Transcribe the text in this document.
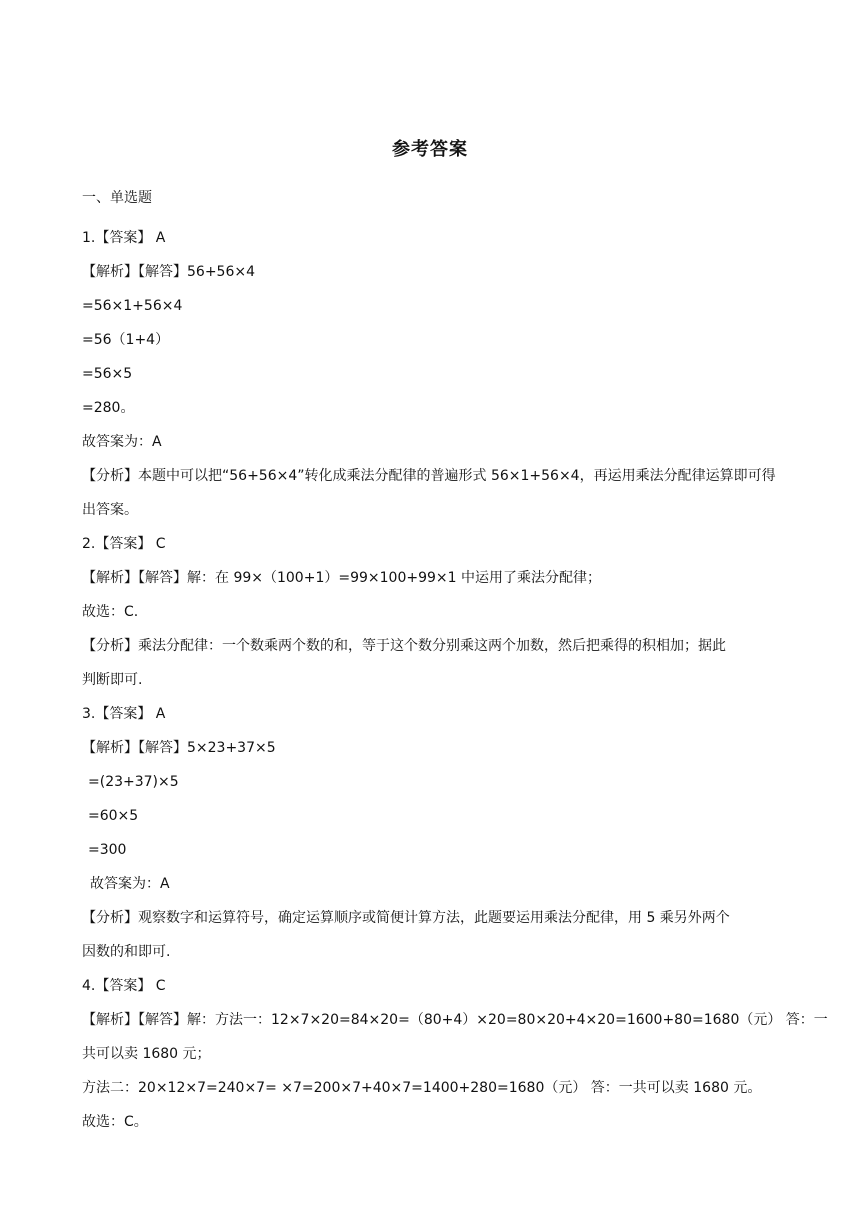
参考答案
一、单选题
1.【答案】 A
【解析】【解答】56+56×4
=56×1+56×4
=56（1+4）
=56×5
=280。
故答案为：A
【分析】本题中可以把“56+56×4”转化成乘法分配律的普遍形式 56×1+56×4，再运用乘法分配律运算即可得
出答案。
2.【答案】 C
【解析】【解答】解：在 99×（100+1）=99×100+99×1 中运用了乘法分配律；
故选：C.
【分析】乘法分配律：一个数乘两个数的和，等于这个数分别乘这两个加数，然后把乘得的积相加；据此
判断即可.
3.【答案】 A
【解析】【解答】5×23+37×5
=(23+37)×5
=60×5
=300
故答案为：A
【分析】观察数字和运算符号，确定运算顺序或简便计算方法，此题要运用乘法分配律，用 5 乘另外两个
因数的和即可.
4.【答案】 C
【解析】【解答】解：方法一：12×7×20=84×20=（80+4）×20=80×20+4×20=1600+80=1680（元） 答：一
共可以卖 1680 元；
方法二：20×12×7=240×7= ×7=200×7+40×7=1400+280=1680（元） 答：一共可以卖 1680 元。
故选：C。
